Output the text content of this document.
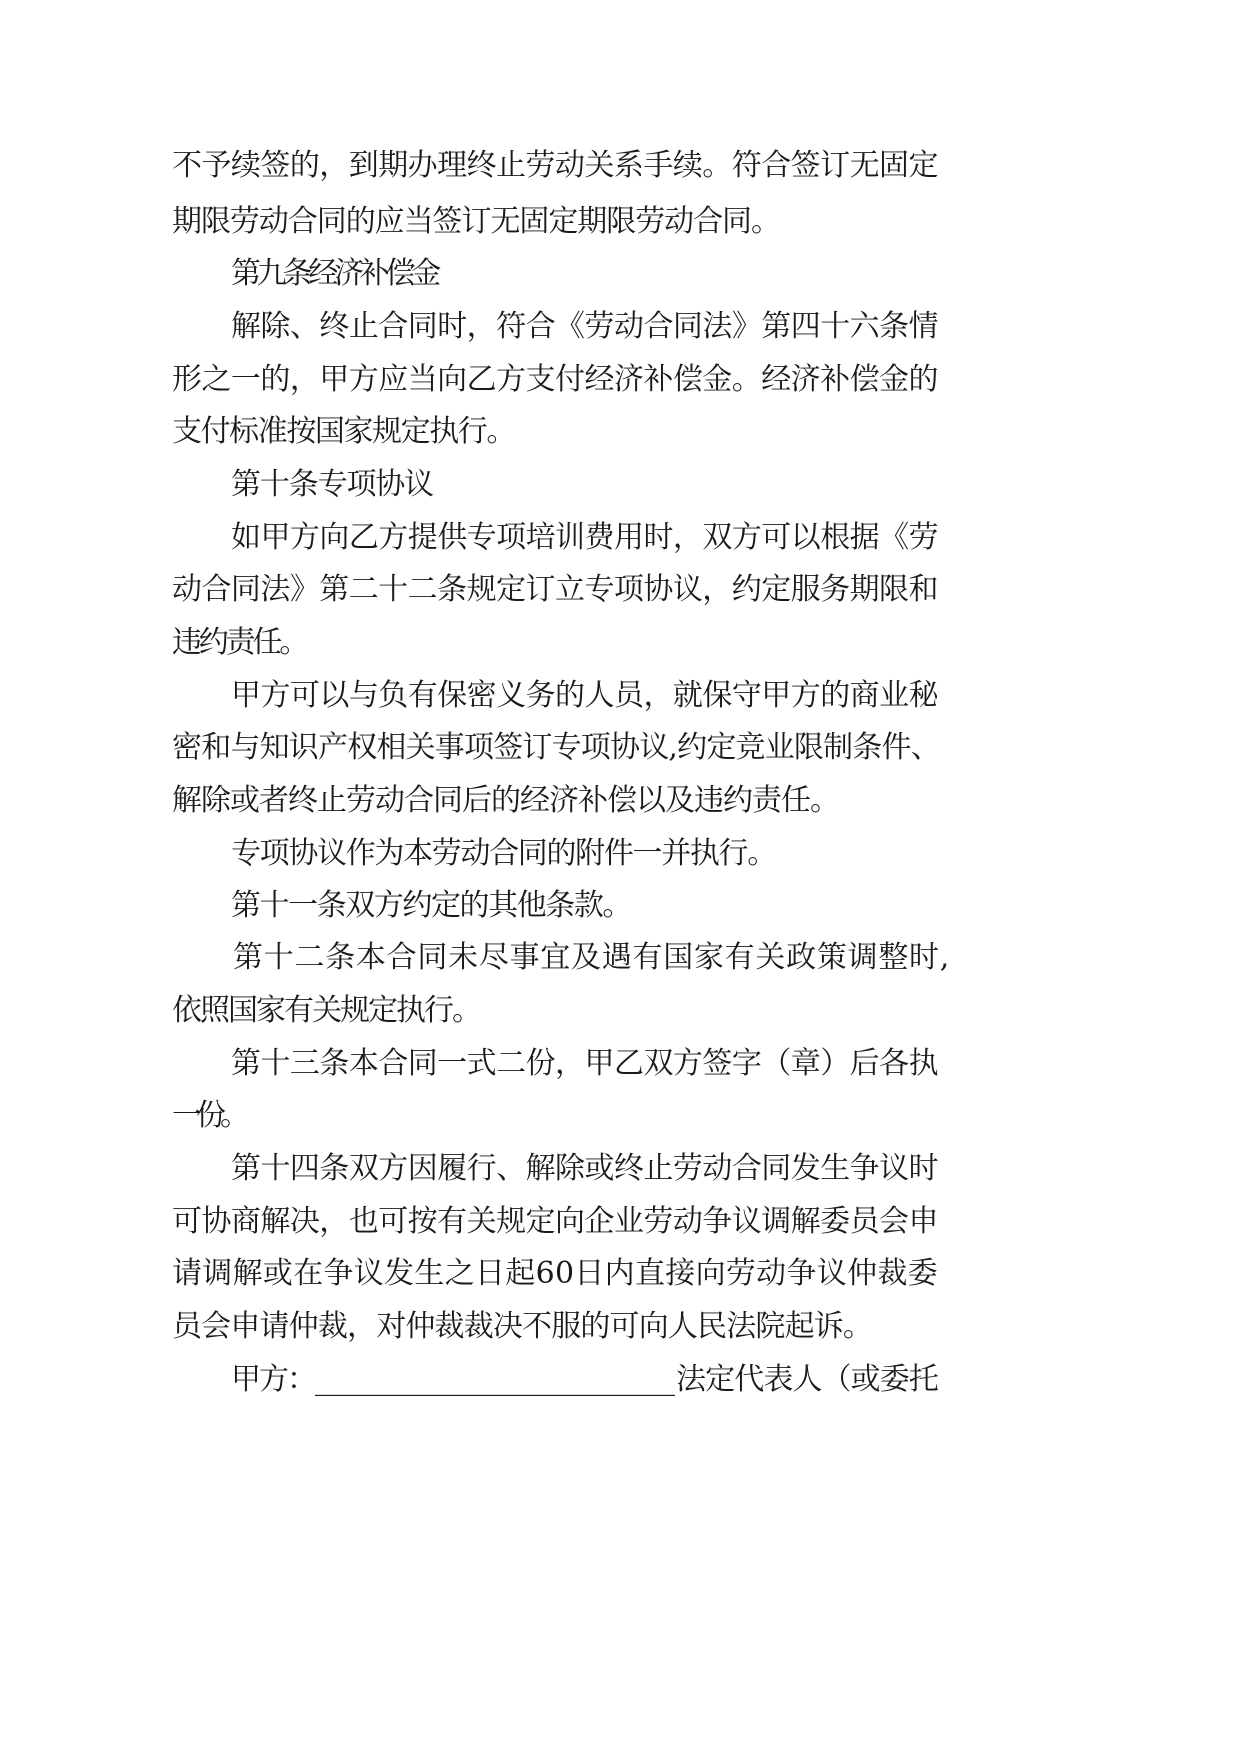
不予续签的，到期办理终止劳动关系手续。符合签订无固定
期限劳动合同的应当签订无固定期限劳动合同。
第九条经济补偿金
解除、终止合同时，符合《劳动合同法》第四十六条情
形之一的，甲方应当向乙方支付经济补偿金。经济补偿金的
支付标准按国家规定执行。
第十条专项协议
如甲方向乙方提供专项培训费用时，双方可以根据《劳
动合同法》第二十二条规定订立专项协议，约定服务期限和
违约责任。
甲方可以与负有保密义务的人员，就保守甲方的商业秘
密和与知识产权相关事项签订专项协议,约定竞业限制条件、
解除或者终止劳动合同后的经济补偿以及违约责任。
专项协议作为本劳动合同的附件一并执行。
第十一条双方约定的其他条款。
第十二条本合同未尽事宜及遇有国家有关政策调整时,
依照国家有关规定执行。
第十三条本合同一式二份，甲乙双方签字（章）后各执
一份。
第十四条双方因履行、解除或终止劳动合同发生争议时
可协商解决，也可按有关规定向企业劳动争议调解委员会申
请调解或在争议发生之日起60日内直接向劳动争议仲裁委
员会申请仲裁，对仲裁裁决不服的可向人民法院起诉。
甲方： ________________________ 法定代表人（或委托
